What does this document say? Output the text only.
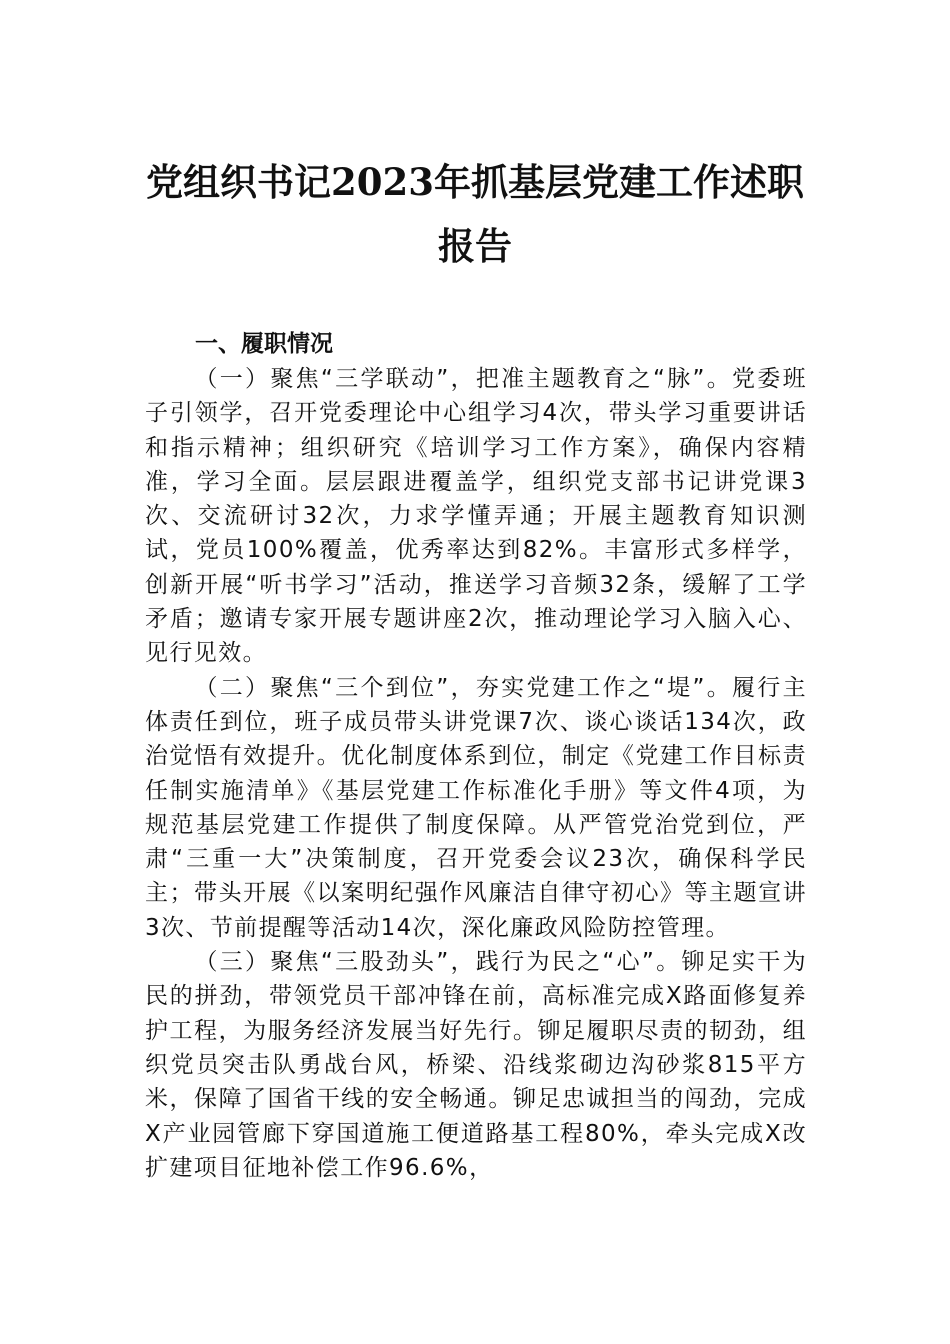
党组织书记2023年抓基层党建工作述职报告
一、履职情况

（一）聚焦“三学联动”，把准主题教育之“脉”。党委班子引领学，召开党委理论中心组学习4次，带头学习重要讲话和指示精神；组织研究《培训学习工作方案》，确保内容精准，学习全面。层层跟进覆盖学，组织党支部书记讲党课3次、交流研讨32次，力求学懂弄通；开展主题教育知识测试，党员100%覆盖，优秀率达到82%。丰富形式多样学，创新开展“听书学习”活动，推送学习音频32条，缓解了工学矛盾；邀请专家开展专题讲座2次，推动理论学习入脑入心、见行见效。

（二）聚焦“三个到位”，夯实党建工作之“堤”。履行主体责任到位，班子成员带头讲党课7次、谈心谈话134次，政治觉悟有效提升。优化制度体系到位，制定《党建工作目标责任制实施清单》《基层党建工作标准化手册》等文件4项，为规范基层党建工作提供了制度保障。从严管党治党到位，严肃“三重一大”决策制度，召开党委会议23次，确保科学民主；带头开展《以案明纪强作风廉洁自律守初心》等主题宣讲3次、节前提醒等活动14次，深化廉政风险防控管理。

（三）聚焦“三股劲头”，践行为民之“心”。铆足实干为民的拼劲，带领党员干部冲锋在前，高标准完成X路面修复养护工程，为服务经济发展当好先行。铆足履职尽责的韧劲，组织党员突击队勇战台风，桥梁、沿线浆砌边沟砂浆815平方米，保障了国省干线的安全畅通。铆足忠诚担当的闯劲，完成X产业园管廊下穿国道施工便道路基工程80%，牵头完成X改扩建项目征地补偿工作96.6%，
